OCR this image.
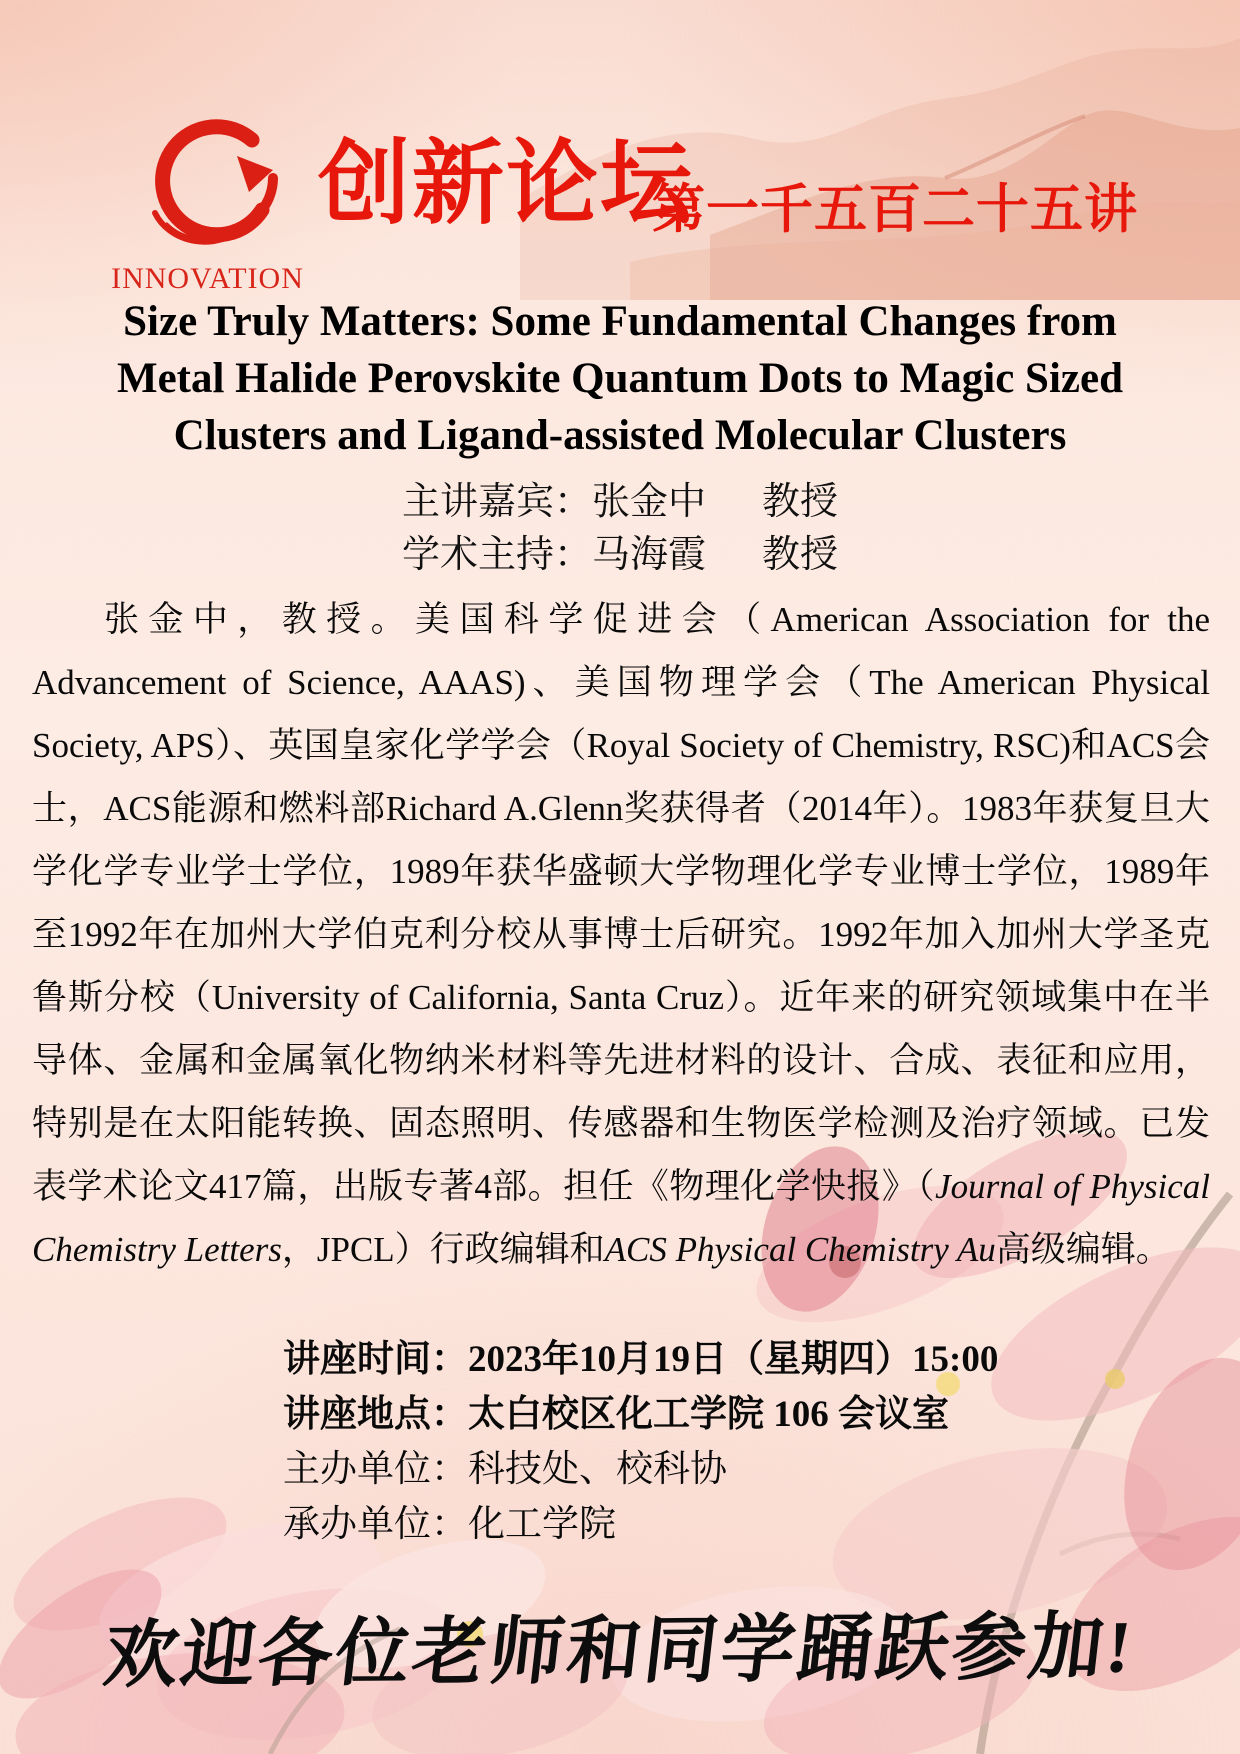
INNOVATION
创新论坛
第一千五百二十五讲
Size Truly Matters: Some Fundamental Changes from
Metal Halide Perovskite Quantum Dots to Magic Sized
Clusters and Ligand-assisted Molecular Clusters
主讲嘉宾：张金中 教授
学术主持：马海霞 教授
张金中，教授。美国科学促进会（American Association for the Advancement of Science, AAAS)、美国物理学会（The American Physical Society, APS）、英国皇家化学学会（Royal Society of Chemistry, RSC)和ACS会士，ACS能源和燃料部Richard A.Glenn奖获得者（2014年）。1983年获复旦大学化学专业学士学位，1989年获华盛顿大学物理化学专业博士学位，1989年至1992年在加州大学伯克利分校从事博士后研究。1992年加入加州大学圣克鲁斯分校（University of California, Santa Cruz）。近年来的研究领域集中在半导体、金属和金属氧化物纳米材料等先进材料的设计、合成、表征和应用，特别是在太阳能转换、固态照明、传感器和生物医学检测及治疗领域。已发表学术论文417篇，出版专著4部。担任《物理化学快报》（Journal of Physical Chemistry Letters，JPCL）行政编辑和ACS Physical Chemistry Au高级编辑。
讲座时间：2023年10月19日（星期四）15:00
讲座地点：太白校区化工学院 106 会议室
主办单位：科技处、校科协
承办单位：化工学院
欢迎各位老师和同学踊跃参加!
